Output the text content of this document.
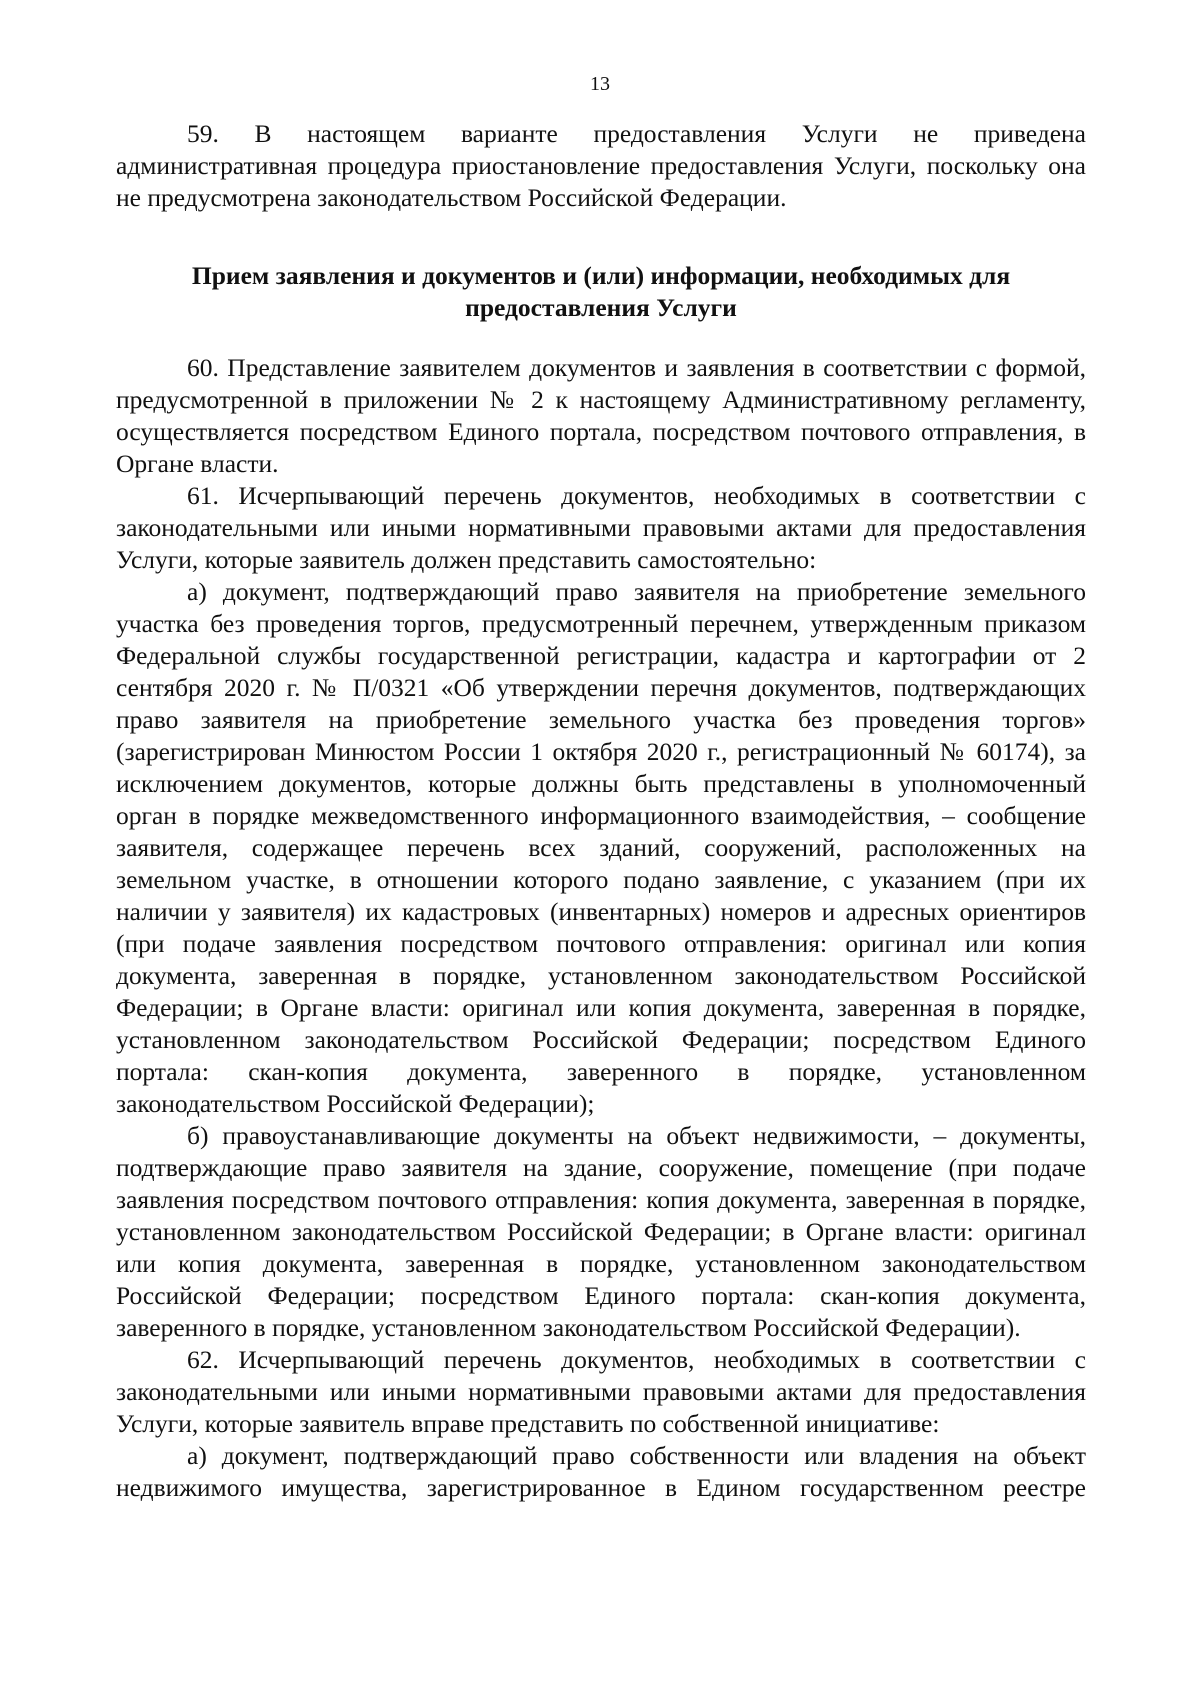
13

59. В настоящем варианте предоставления Услуги не приведена административная процедура приостановление предоставления Услуги, поскольку она не предусмотрена законодательством Российской Федерации.

Прием заявления и документов и (или) информации, необходимых для предоставления Услуги

60. Представление заявителем документов и заявления в соответствии с формой, предусмотренной в приложении № 2 к настоящему Административному регламенту, осуществляется посредством Единого портала, посредством почтового отправления, в Органе власти.

61. Исчерпывающий перечень документов, необходимых в соответствии с законодательными или иными нормативными правовыми актами для предоставления Услуги, которые заявитель должен представить самостоятельно:

а) документ, подтверждающий право заявителя на приобретение земельного участка без проведения торгов, предусмотренный перечнем, утвержденным приказом Федеральной службы государственной регистрации, кадастра и картографии от 2 сентября 2020 г. № П/0321 «Об утверждении перечня документов, подтверждающих право заявителя на приобретение земельного участка без проведения торгов» (зарегистрирован Минюстом России 1 октября 2020 г., регистрационный № 60174), за исключением документов, которые должны быть представлены в уполномоченный орган в порядке межведомственного информационного взаимодействия, – сообщение заявителя, содержащее перечень всех зданий, сооружений, расположенных на земельном участке, в отношении которого подано заявление, с указанием (при их наличии у заявителя) их кадастровых (инвентарных) номеров и адресных ориентиров (при подаче заявления посредством почтового отправления: оригинал или копия документа, заверенная в порядке, установленном законодательством Российской Федерации; в Органе власти: оригинал или копия документа, заверенная в порядке, установленном законодательством Российской Федерации; посредством Единого портала: скан-копия документа, заверенного в порядке, установленном законодательством Российской Федерации);

б) правоустанавливающие документы на объект недвижимости, – документы, подтверждающие право заявителя на здание, сооружение, помещение (при подаче заявления посредством почтового отправления: копия документа, заверенная в порядке, установленном законодательством Российской Федерации; в Органе власти: оригинал или копия документа, заверенная в порядке, установленном законодательством Российской Федерации; посредством Единого портала: скан-копия документа, заверенного в порядке, установленном законодательством Российской Федерации).

62. Исчерпывающий перечень документов, необходимых в соответствии с законодательными или иными нормативными правовыми актами для предоставления Услуги, которые заявитель вправе представить по собственной инициативе:

а) документ, подтверждающий право собственности или владения на объект недвижимого имущества, зарегистрированное в Едином государственном реестре
